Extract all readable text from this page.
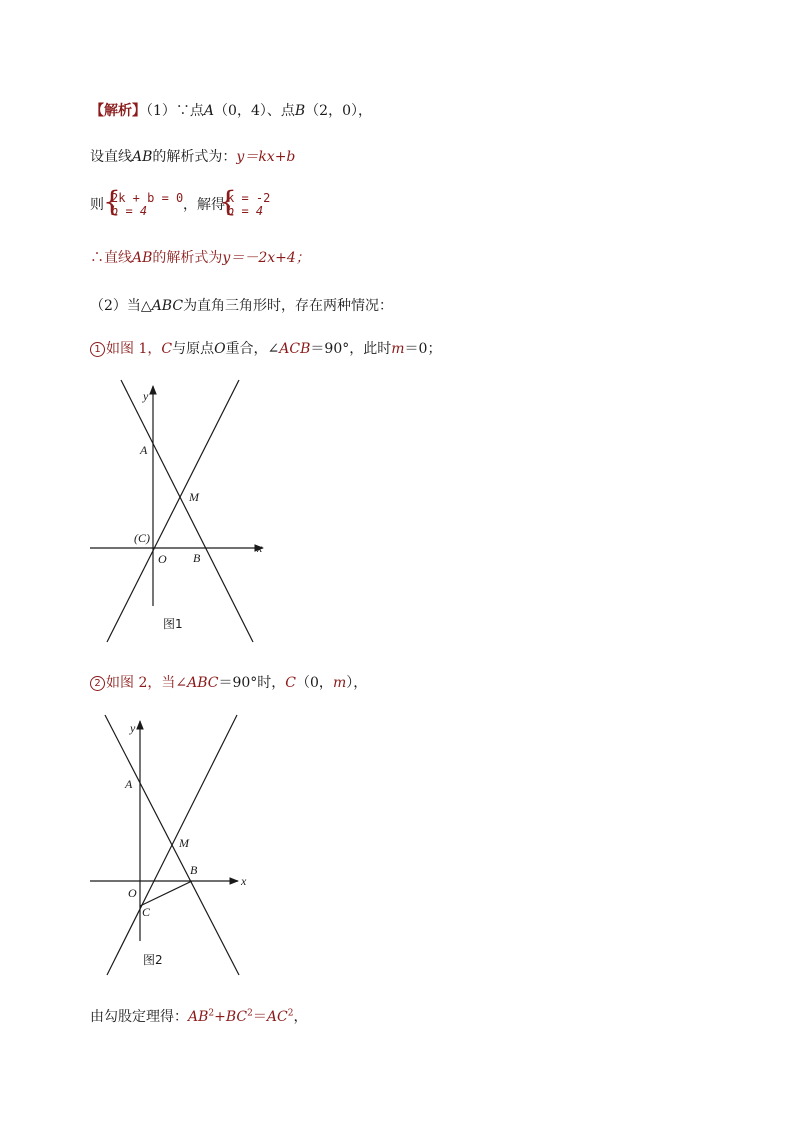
【解析】（1）∵点A（0，4）、点B（2，0），
设直线AB的解析式为：y＝kx+b
则 {
2k + b = 0
b = 4	，解得
{
k = -2
b = 4
∴直线AB的解析式为y＝－2x+4；
（2）当△ABC为直角三角形时，存在两种情况：
1 如图 1，C与原点O重合，∠ACB＝90°，此时m＝0；
y
x
A
M
(C)
O B
图1
2 如图 2，当∠ABC＝90°时，C（0，m），
y
x
A
M
B
O
C
图2
由勾股定理得：$AB^2+BC^2=AC^2$，
